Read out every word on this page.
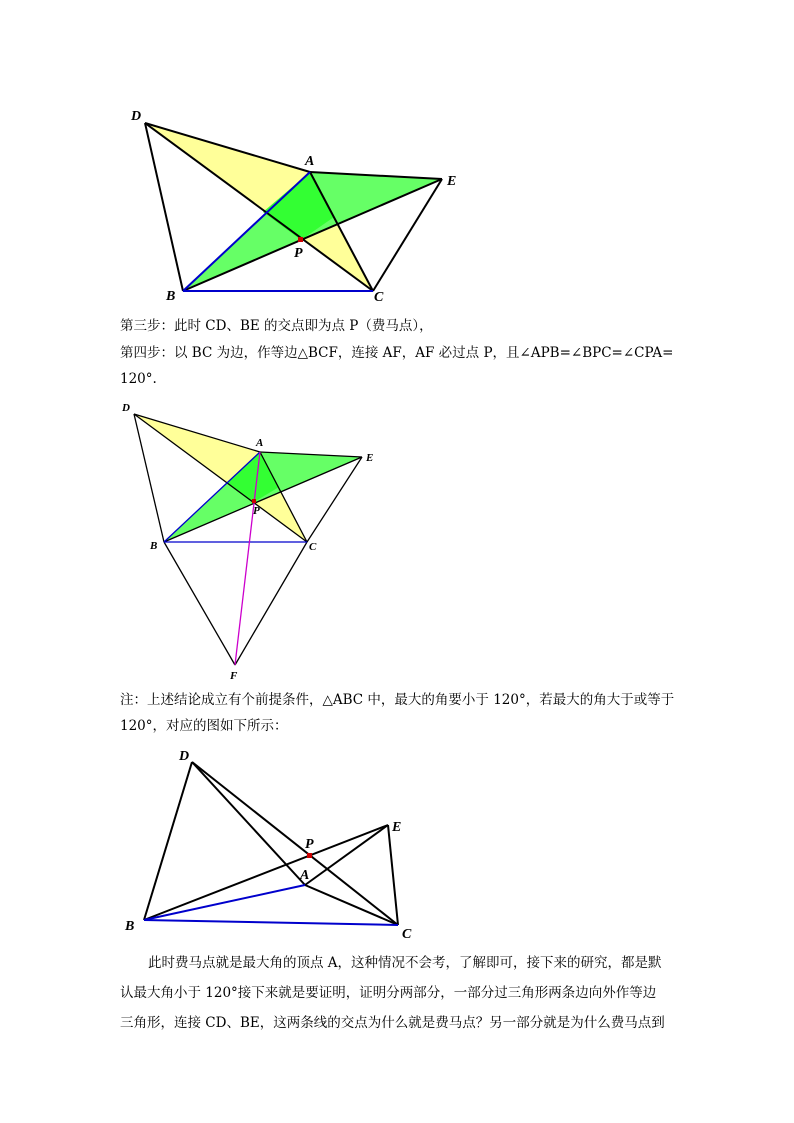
D
A
E
P
B	C
第三步：此时 CD、BE 的交点即为点 P（费马点），
第四步：以 BC 为边，作等边△BCF，连接 AF，AF 必过点 P，且∠APB=∠BPC=∠CPA=
120°.
D
A
E
P
B	C
F
注：上述结论成立有个前提条件，△ABC 中，最大的角要小于 120°，若最大的角大于或等于
120°，对应的图如下所示：
D
P
A
E
B
C
此时费马点就是最大角的顶点 A，这种情况不会考，了解即可，接下来的研究，都是默
认最大角小于 120°接下来就是要证明，证明分两部分，一部分过三角形两条边向外作等边
三角形，连接 CD、BE，这两条线的交点为什么就是费马点？另一部分就是为什么费马点到
